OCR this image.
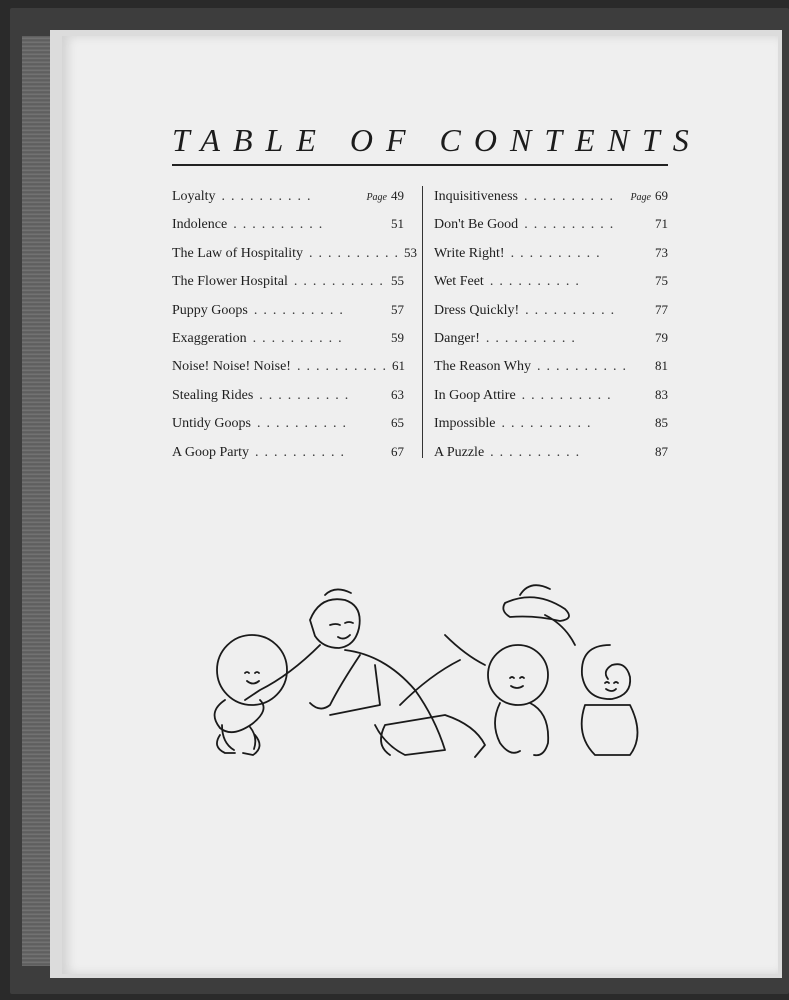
TABLE OF CONTENTS
Loyalty ..........	Page 49
Indolence ..........	51
The Law of Hospitality .......... 53
The Flower Hospital .......... 55
Puppy Goops ..........	57
Exaggeration ..........	59
Noise! Noise! Noise! .......... 61
Stealing Rides ..........	63
Untidy Goops ..........	65
A Goop Party ..........	67
Inquisitiveness ..........	Page 69
Don't Be Good ..........	71
Write Right! ..........	73
Wet Feet ..........	75
Dress Quickly! ..........	77
Danger! ..........	79
The Reason Why ..........	81
In Goop Attire ..........	83
Impossible ..........	85
A Puzzle ..........	87
